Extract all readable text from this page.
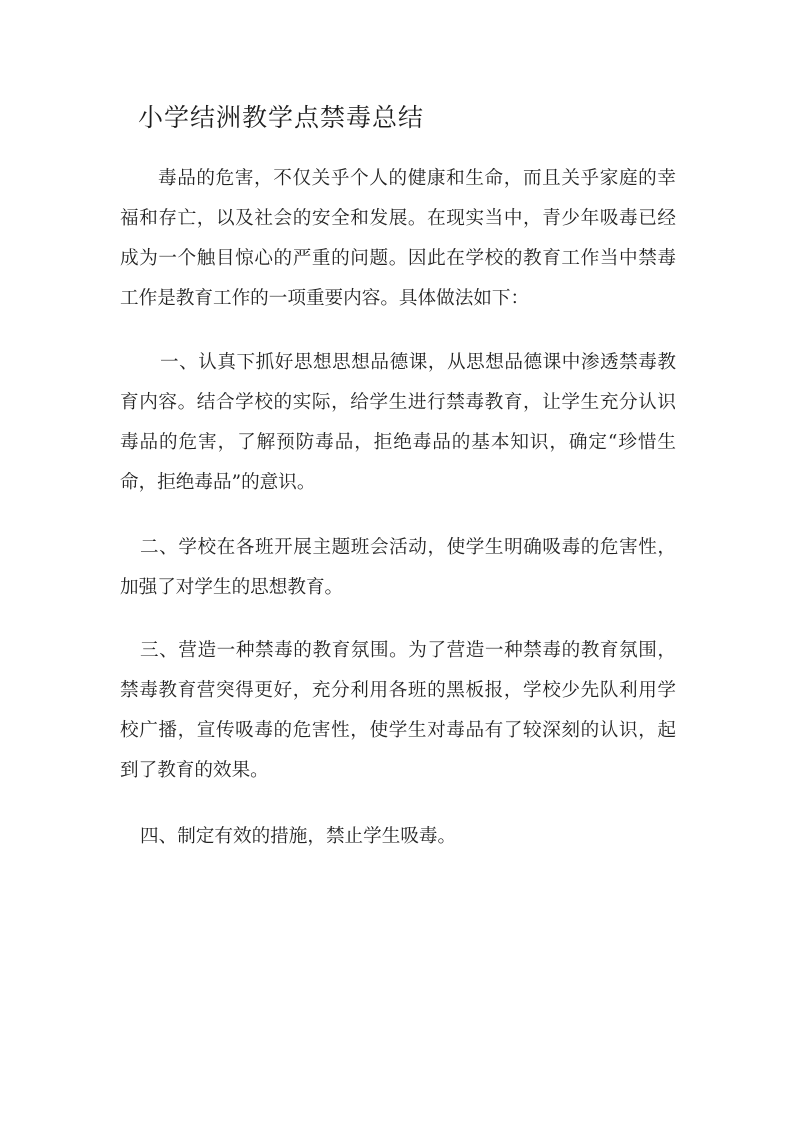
小学结洲教学点禁毒总结

毒品的危害，不仅关乎个人的健康和生命，而且关乎家庭的幸福和存亡，以及社会的安全和发展。在现实当中，青少年吸毒已经成为一个触目惊心的严重的问题。因此在学校的教育工作当中禁毒工作是教育工作的一项重要内容。具体做法如下：

一、认真下抓好思想思想品德课，从思想品德课中渗透禁毒教育内容。结合学校的实际，给学生进行禁毒教育，让学生充分认识毒品的危害，了解预防毒品，拒绝毒品的基本知识，确定“珍惜生命，拒绝毒品”的意识。

二、学校在各班开展主题班会活动，使学生明确吸毒的危害性，加强了对学生的思想教育。

三、营造一种禁毒的教育氛围。为了营造一种禁毒的教育氛围，禁毒教育营突得更好，充分利用各班的黑板报，学校少先队利用学校广播，宣传吸毒的危害性，使学生对毒品有了较深刻的认识，起到了教育的效果。

四、制定有效的措施，禁止学生吸毒。
